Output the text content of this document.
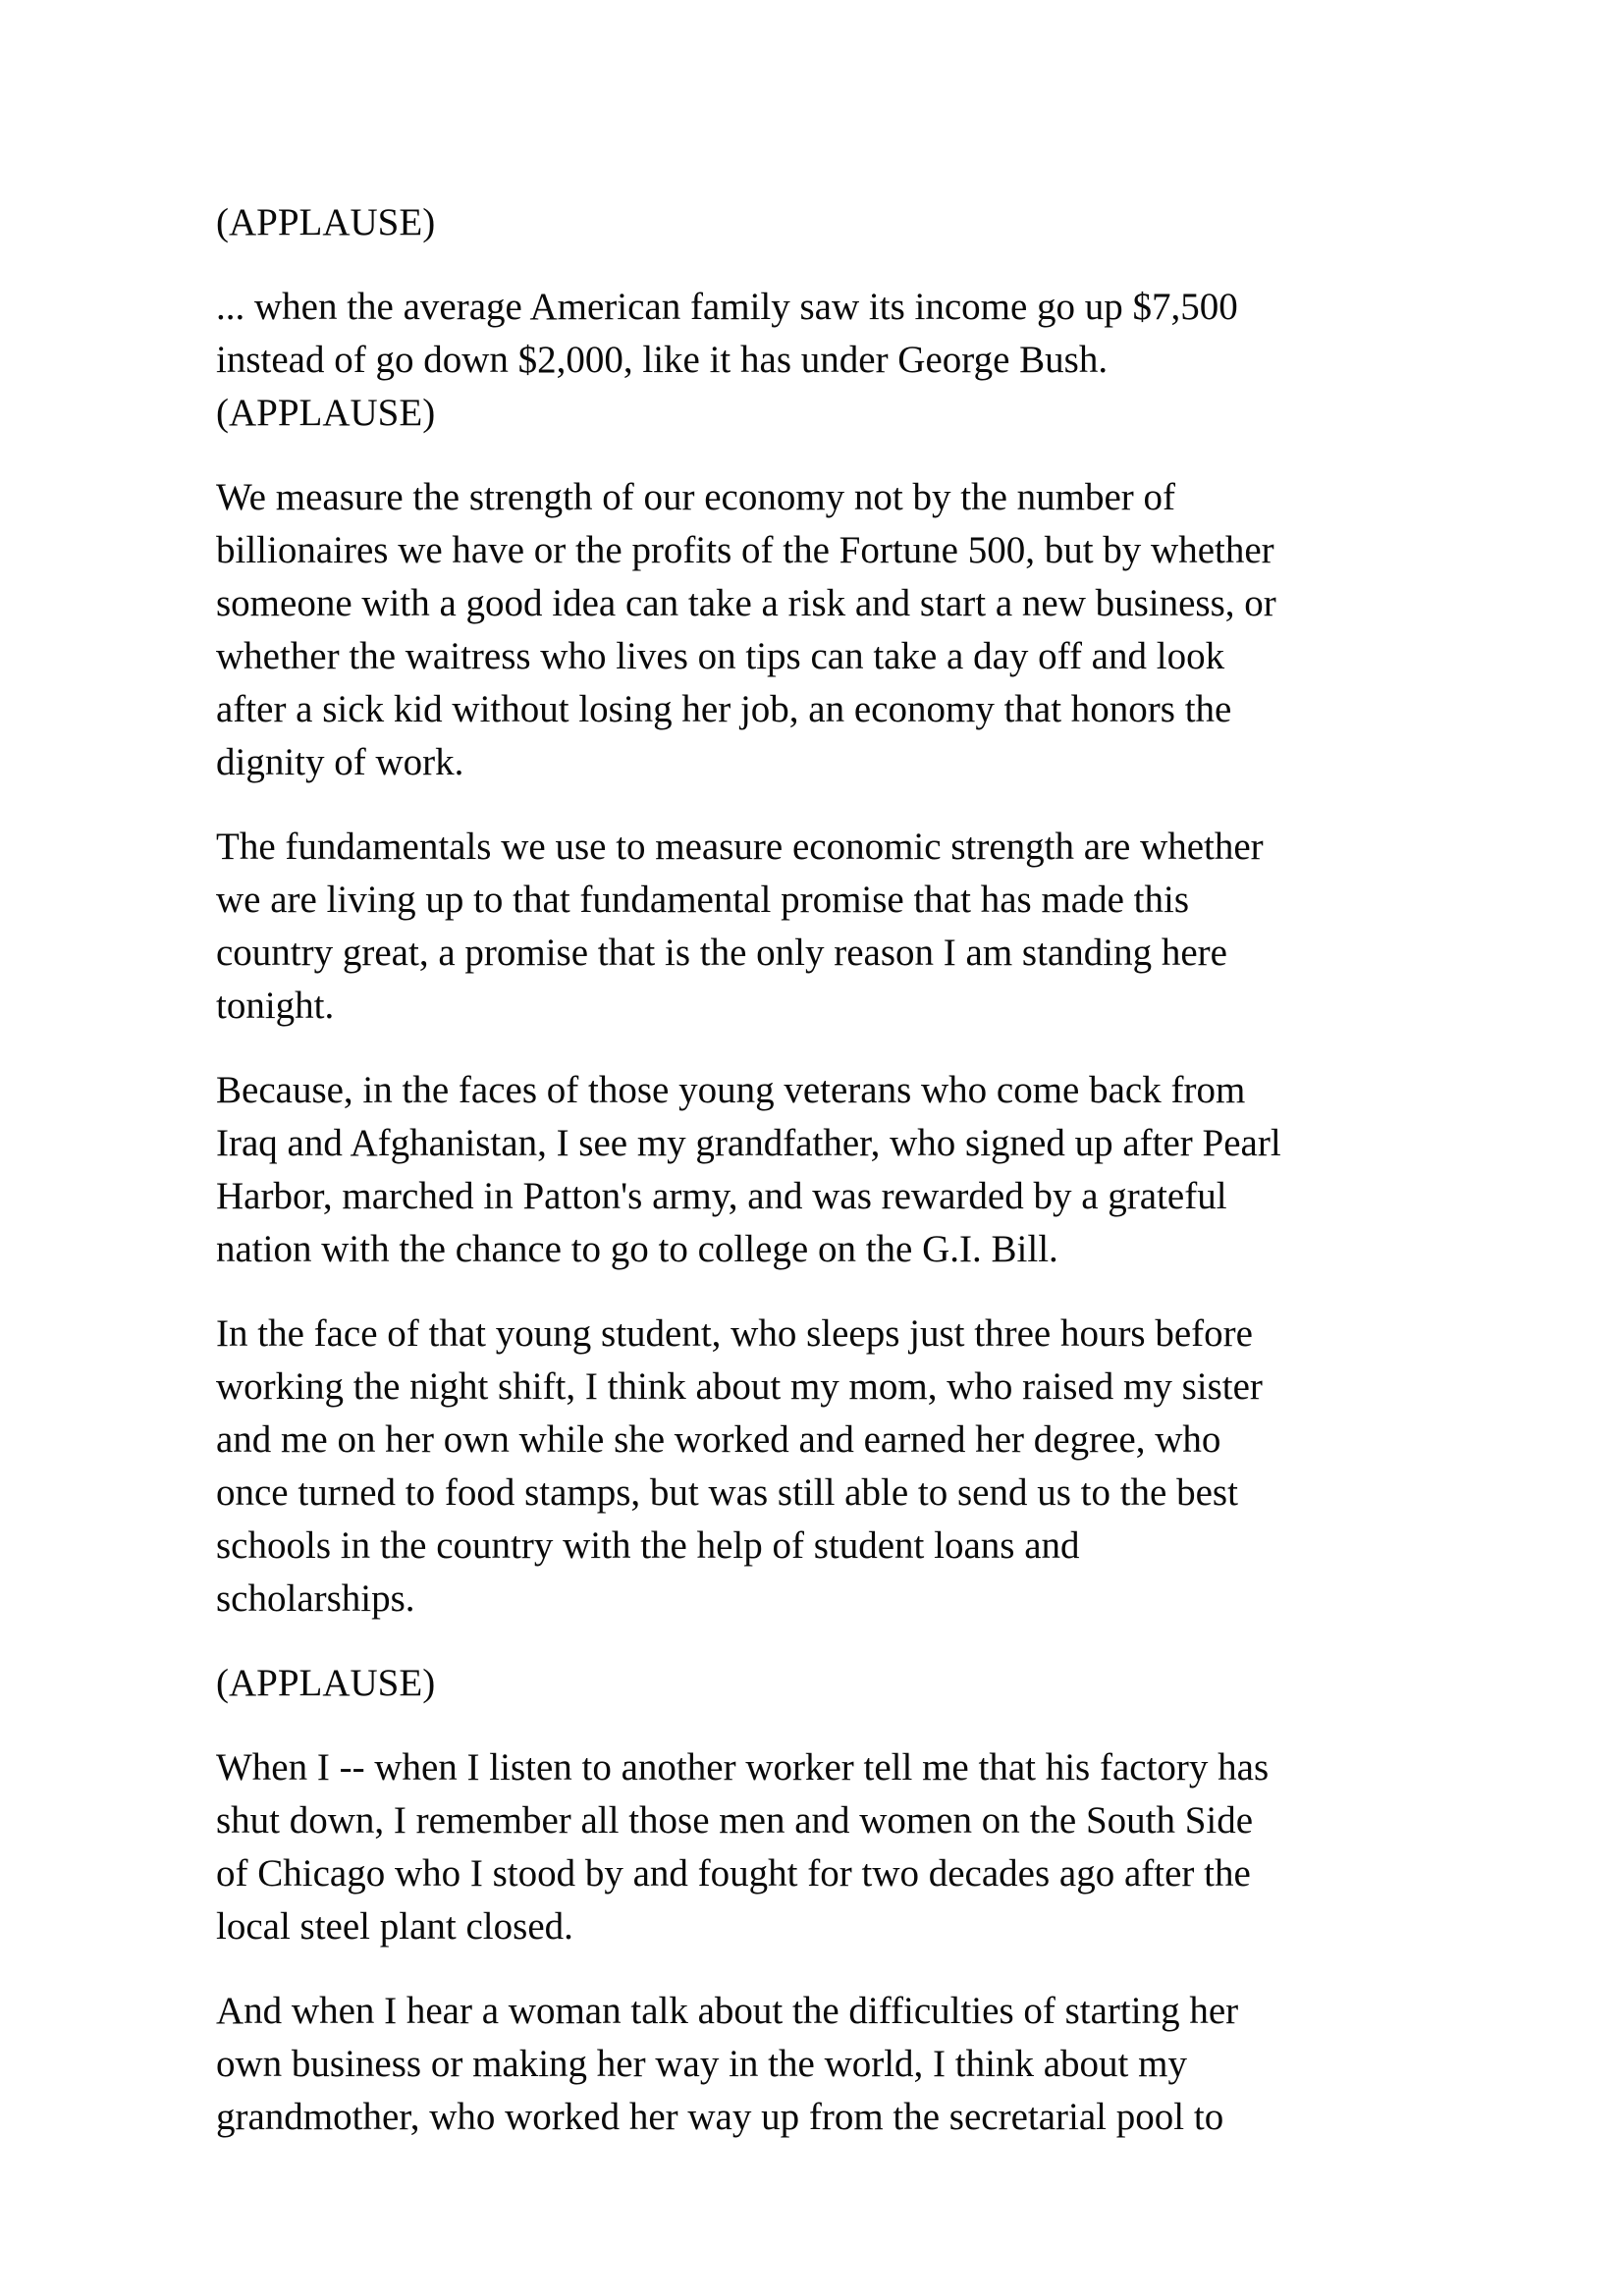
(APPLAUSE)
... when the average American family saw its income go up $7,500
instead of go down $2,000, like it has under George Bush.
(APPLAUSE)
We measure the strength of our economy not by the number of
billionaires we have or the profits of the Fortune 500, but by whether
someone with a good idea can take a risk and start a new business, or
whether the waitress who lives on tips can take a day off and look
after a sick kid without losing her job, an economy that honors the
dignity of work.
The fundamentals we use to measure economic strength are whether
we are living up to that fundamental promise that has made this
country great, a promise that is the only reason I am standing here
tonight.
Because, in the faces of those young veterans who come back from
Iraq and Afghanistan, I see my grandfather, who signed up after Pearl
Harbor, marched in Patton's army, and was rewarded by a grateful
nation with the chance to go to college on the G.I. Bill.
In the face of that young student, who sleeps just three hours before
working the night shift, I think about my mom, who raised my sister
and me on her own while she worked and earned her degree, who
once turned to food stamps, but was still able to send us to the best
schools in the country with the help of student loans and
scholarships.
(APPLAUSE)
When I -- when I listen to another worker tell me that his factory has
shut down, I remember all those men and women on the South Side
of Chicago who I stood by and fought for two decades ago after the
local steel plant closed.
And when I hear a woman talk about the difficulties of starting her
own business or making her way in the world, I think about my
grandmother, who worked her way up from the secretarial pool to
